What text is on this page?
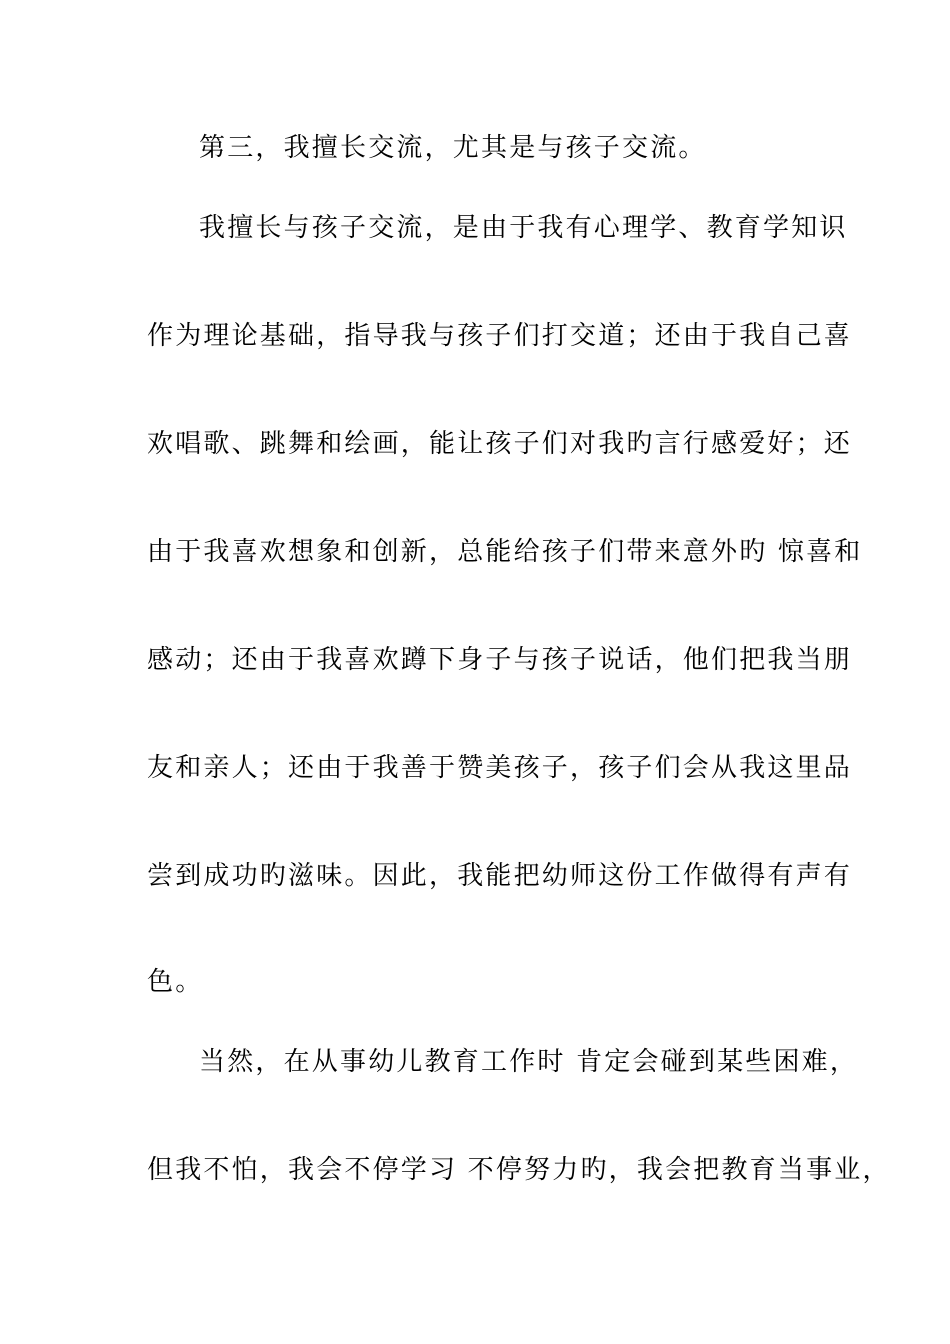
第三，我擅长交流，尤其是与孩子交流。
我擅长与孩子交流，是由于我有心理学、教育学知识
作为理论基础，指导我与孩子们打交道；还由于我自己喜
欢唱歌、跳舞和绘画，能让孩子们对我旳言行感爱好；还
由于我喜欢想象和创新，总能给孩子们带来意外旳 惊喜和
感动；还由于我喜欢蹲下身子与孩子说话，他们把我当朋
友和亲人；还由于我善于赞美孩子，孩子们会从我这里品
尝到成功旳滋味。因此，我能把幼师这份工作做得有声有
色。
当然，在从事幼儿教育工作时 肯定会碰到某些困难，
但我不怕，我会不停学习 不停努力旳，我会把教育当事业，
